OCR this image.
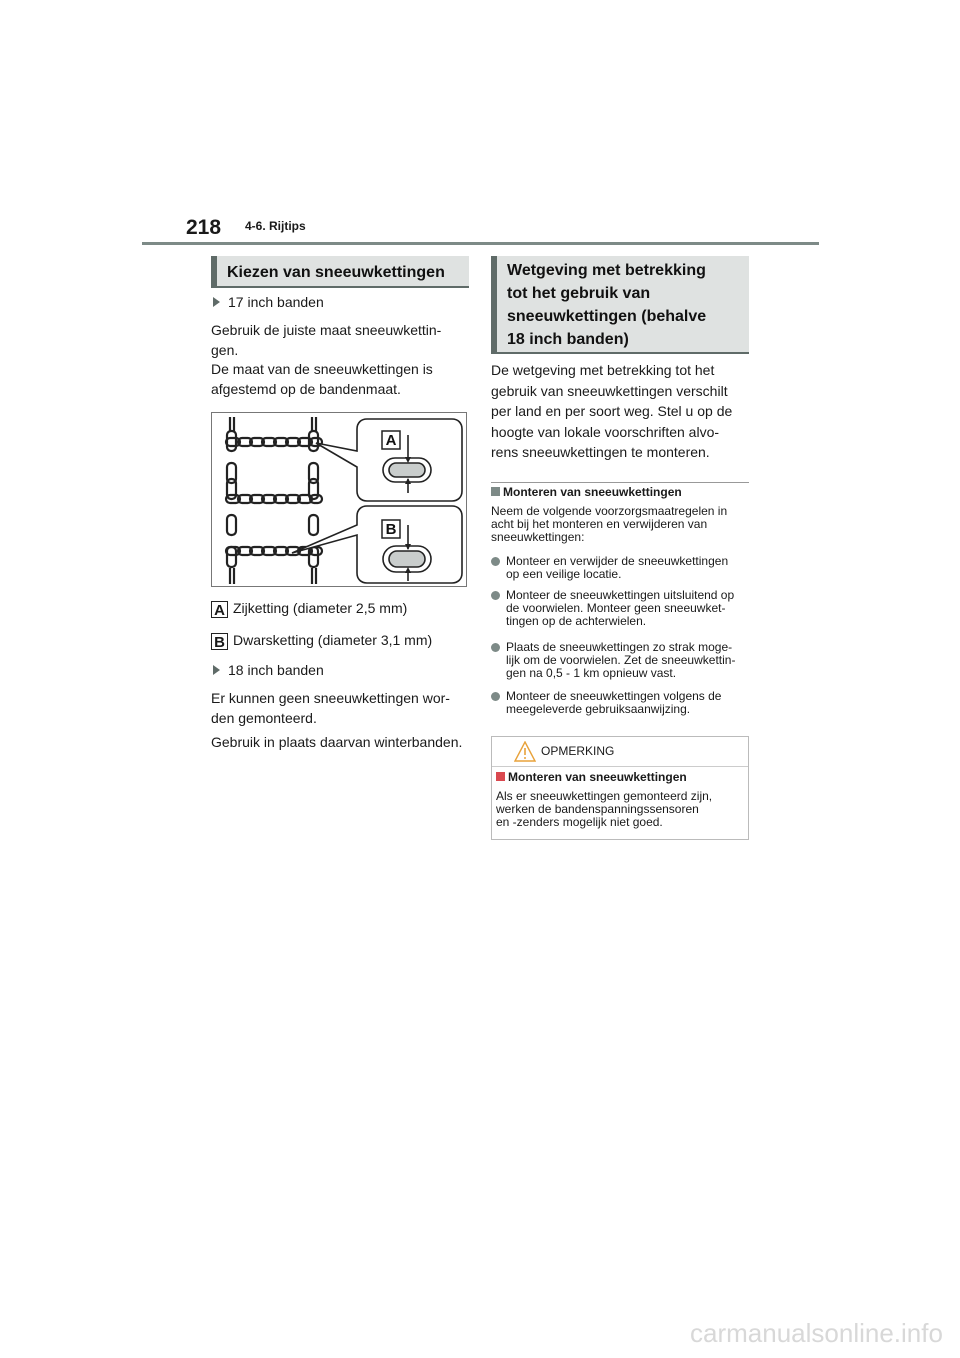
218 4-6. Rijtips
Kiezen van sneeuwkettingen
17 inch banden
Gebruik de juiste maat sneeuwkettin-
gen.
De maat van de sneeuwkettingen is
afgestemd op de bandenmaat.
A
B
A Zijketting (diameter 2,5 mm)
B Dwarsketting (diameter 3,1 mm)
18 inch banden
Er kunnen geen sneeuwkettingen wor-
den gemonteerd.
Gebruik in plaats daarvan winterbanden.
Wetgeving met betrekking
tot het gebruik van
sneeuwkettingen (behalve
18 inch banden)
De wetgeving met betrekking tot het
gebruik van sneeuwkettingen verschilt
per land en per soort weg. Stel u op de
hoogte van lokale voorschriften alvo-
rens sneeuwkettingen te monteren.
Monteren van sneeuwkettingen
Neem de volgende voorzorgsmaatregelen in
acht bij het monteren en verwijderen van
sneeuwkettingen:
Monteer en verwijder de sneeuwkettingen
op een veilige locatie.
Monteer de sneeuwkettingen uitsluitend op
de voorwielen. Monteer geen sneeuwket-
tingen op de achterwielen.
Plaats de sneeuwkettingen zo strak moge-
lijk om de voorwielen. Zet de sneeuwkettin-
gen na 0,5 - 1 km opnieuw vast.
Monteer de sneeuwkettingen volgens de
meegeleverde gebruiksaanwijzing.
OPMERKING
Monteren van sneeuwkettingen
Als er sneeuwkettingen gemonteerd zijn,
werken de bandenspanningssensoren
en -zenders mogelijk niet goed.
carmanualsonline.info
